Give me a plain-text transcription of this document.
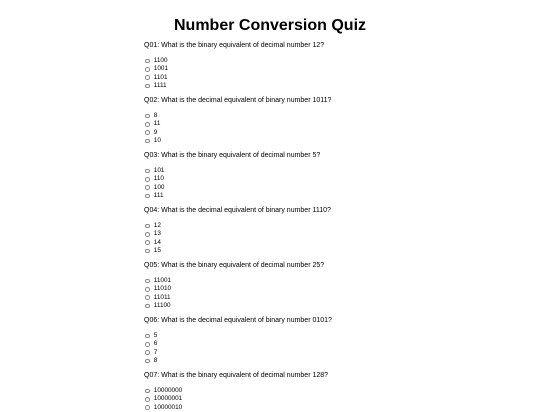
Number Conversion Quiz

Q01: What is the binary equivalent of decimal number 12?

1100
1001
1101
1111

Q02: What is the decimal equivalent of binary number 1011?

8
11
9
10

Q03: What is the binary equivalent of decimal number 5?

101
110
100
111

Q04: What is the decimal equivalent of binary number 1110?

12
13
14
15

Q05: What is the binary equivalent of decimal number 25?

11001
11010
11011
11100

Q06: What is the decimal equivalent of binary number 0101?

5
6
7
8

Q07: What is the binary equivalent of decimal number 128?

10000000
10000001
10000010
